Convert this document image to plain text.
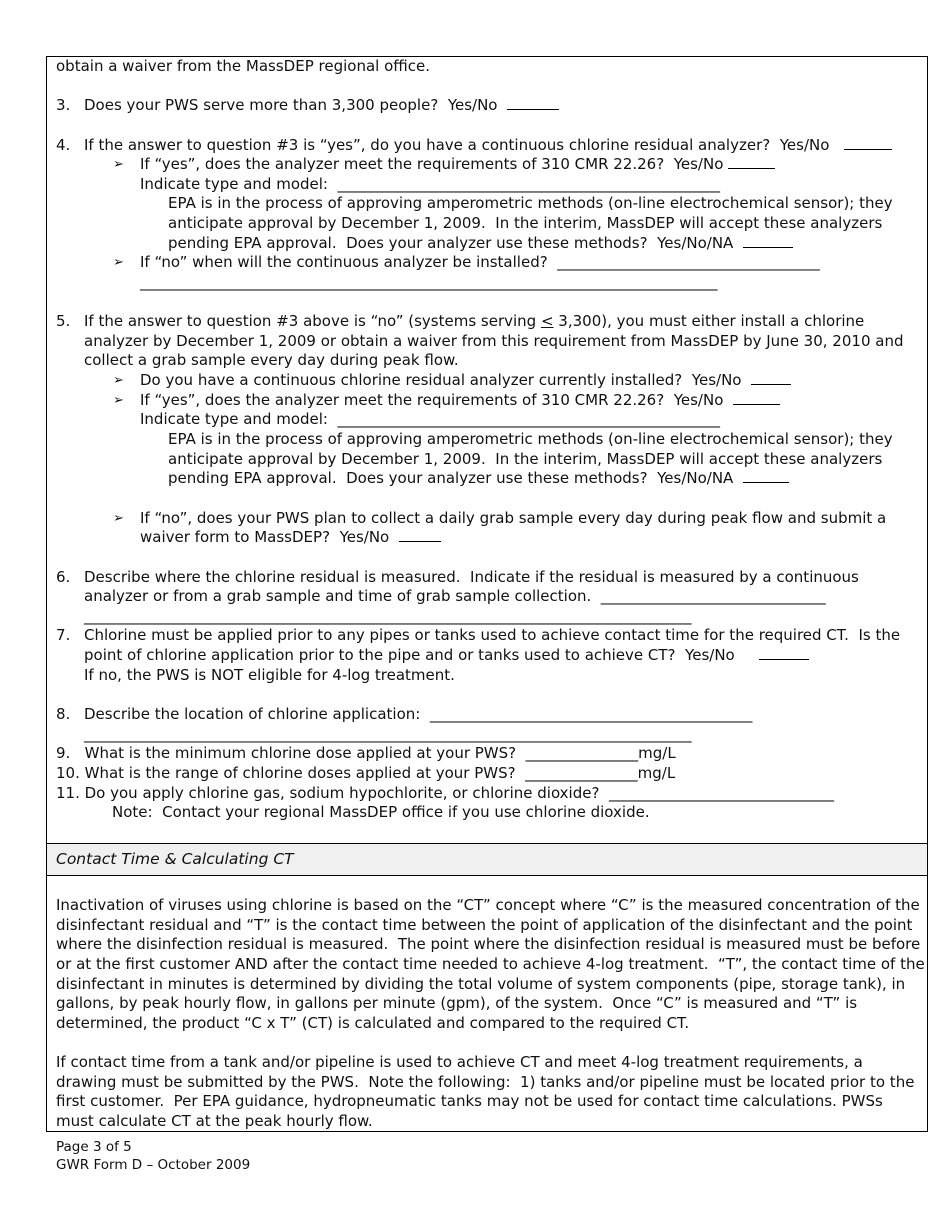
obtain a waiver from the MassDEP regional office.
3. Does your PWS serve more than 3,300 people?  Yes/No
4. If the answer to question #3 is “yes”, do you have a continuous chlorine residual analyzer?  Yes/No
➢ If “yes”, does the analyzer meet the requirements of 310 CMR 22.26?  Yes/No
Indicate type and model:  ___________________________________________________
EPA is in the process of approving amperometric methods (on-line electrochemical sensor); they
anticipate approval by December 1, 2009.  In the interim, MassDEP will accept these analyzers
pending EPA approval.  Does your analyzer use these methods?  Yes/No/NA
➢ If “no” when will the continuous analyzer be installed?  ___________________________________
_____________________________________________________________________________
5. If the answer to question #3 above is “no” (systems serving < 3,300), you must either install a chlorine
analyzer by December 1, 2009 or obtain a waiver from this requirement from MassDEP by June 30, 2010 and
collect a grab sample every day during peak flow.
➢ Do you have a continuous chlorine residual analyzer currently installed?  Yes/No
➢ If “yes”, does the analyzer meet the requirements of 310 CMR 22.26?  Yes/No
Indicate type and model:  ___________________________________________________
EPA is in the process of approving amperometric methods (on-line electrochemical sensor); they
anticipate approval by December 1, 2009.  In the interim, MassDEP will accept these analyzers
pending EPA approval.  Does your analyzer use these methods?  Yes/No/NA
➢ If “no”, does your PWS plan to collect a daily grab sample every day during peak flow and submit a
waiver form to MassDEP?  Yes/No
6. Describe where the chlorine residual is measured.  Indicate if the residual is measured by a continuous
analyzer or from a grab sample and time of grab sample collection.  ______________________________
_________________________________________________________________________________
7. Chlorine must be applied prior to any pipes or tanks used to achieve contact time for the required CT.  Is the
point of chlorine application prior to the pipe and or tanks used to achieve CT?  Yes/No
If no, the PWS is NOT eligible for 4-log treatment.
8. Describe the location of chlorine application:  ___________________________________________
_________________________________________________________________________________
9.   What is the minimum chlorine dose applied at your PWS?  _______________mg/L
10. What is the range of chlorine doses applied at your PWS?  _______________mg/L
11. Do you apply chlorine gas, sodium hypochlorite, or chlorine dioxide?  ______________________________
Note:  Contact your regional MassDEP office if you use chlorine dioxide.
Contact Time & Calculating CT
Inactivation of viruses using chlorine is based on the “CT” concept where “C” is the measured concentration of the
disinfectant residual and “T” is the contact time between the point of application of the disinfectant and the point
where the disinfection residual is measured.  The point where the disinfection residual is measured must be before
or at the first customer AND after the contact time needed to achieve 4-log treatment.  “T”, the contact time of the
disinfectant in minutes is determined by dividing the total volume of system components (pipe, storage tank), in
gallons, by peak hourly flow, in gallons per minute (gpm), of the system.  Once “C” is measured and “T” is
determined, the product “C x T” (CT) is calculated and compared to the required CT.
If contact time from a tank and/or pipeline is used to achieve CT and meet 4-log treatment requirements, a
drawing must be submitted by the PWS.  Note the following:  1) tanks and/or pipeline must be located prior to the
first customer.  Per EPA guidance, hydropneumatic tanks may not be used for contact time calculations. PWSs
must calculate CT at the peak hourly flow.
Page 3 of 5
GWR Form D – October 2009
